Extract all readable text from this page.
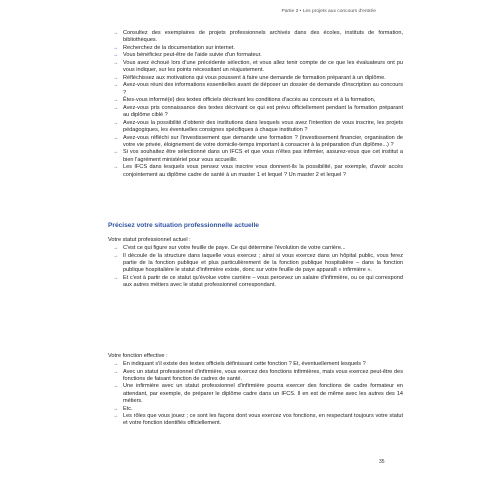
Partie 2 • Les projets aux concours d'entrée
→ Consultez des exemplaires de projets professionnels archivés dans des écoles, instituts de formation, bibliothèques.
→ Recherchez de la documentation sur internet.
→ Vous bénéficiez peut-être de l'aide suivie d'un formateur.
→ Vous avez échoué lors d'une précédente sélection, et vous allez tenir compte de ce que les évaluateurs ont pu vous indiquer, sur les points nécessitant un réajustement.
→ Réfléchissez aux motivations qui vous poussent à faire une demande de formation préparant à un diplôme.
→ Avez-vous réuni des informations essentielles avant de déposer un dossier de demande d'inscription au concours ?
→ Êtes-vous informé(e) des textes officiels décrivant les conditions d'accès au concours et à la formation,
→ Avez-vous pris connaissance des textes décrivant ce qui est prévu officiellement pendant la formation préparant au diplôme ciblé ?
→ Avez-vous la possibilité d'obtenir des institutions dans lesquels vous avez l'intention de vous inscrire, les projets pédagogiques, les éventuelles consignes spécifiques à chaque institution ?
→ Avez-vous réfléchi sur l'investissement que demande une formation ? (investissement financier, organisation de votre vie privée, éloignement de votre domicile-temps important à consacrer à la préparation d'un diplôme...) ?
→ Si vos souhaitez être sélectionné dans un IFCS et que vous n'êtes pas infirmier, assurez-vous que cet institut a bien l'agrément ministériel pour vous accueillir.
→ Les IFCS dans lesquels vous pensez vous inscrire vous donnent-ils la possibilité, par exemple, d'avoir accès conjointement au diplôme cadre de santé à un master 1 et lequel ? Un master 2 et lequel ?
Précisez votre situation professionnelle actuelle
Votre statut professionnel actuel :
→ C'est ce qui figure sur votre feuille de paye. Ce qui détermine l'évolution de votre carrière...
→ Il découle de la structure dans laquelle vous exercez ; ainsi si vous exercez dans un hôpital public, vous ferez partie de la fonction publique et plus particulièrement de la fonction publique hospitalière – dans la fonction publique hospitalière le statut d'infirmière existe, donc sur votre feuille de paye apparaît « infirmière ».
→ Et c'est à partir de ce statut qu'évolue votre carrière – vous percevez un salaire d'infirmière, ou ce qui correspond aux autres métiers avec le statut professionnel correspondant.
Votre fonction effective :
→ En indiquant s'il existe des textes officiels définissant cette fonction ? Et, éventuellement lesquels ?
→ Avec un statut professionnel d'infirmière, vous exercez des fonctions infirmières, mais vous exercez peut-être des fonctions de faisant fonction de cadres de santé.
→ Une infirmière avec un statut professionnel d'infirmière pourra exercer des fonctions de cadre formateur en attendant, par exemple, de préparer le diplôme cadre dans un IFCS. Il en est de même avec les autres des 14 métiers.
→ Etc.
→ Les rôles que vous jouez ; ce sont les façons dont vous exercez vos fonctions, en respectant toujours votre statut et votre fonction identifiés officiellement.
35
